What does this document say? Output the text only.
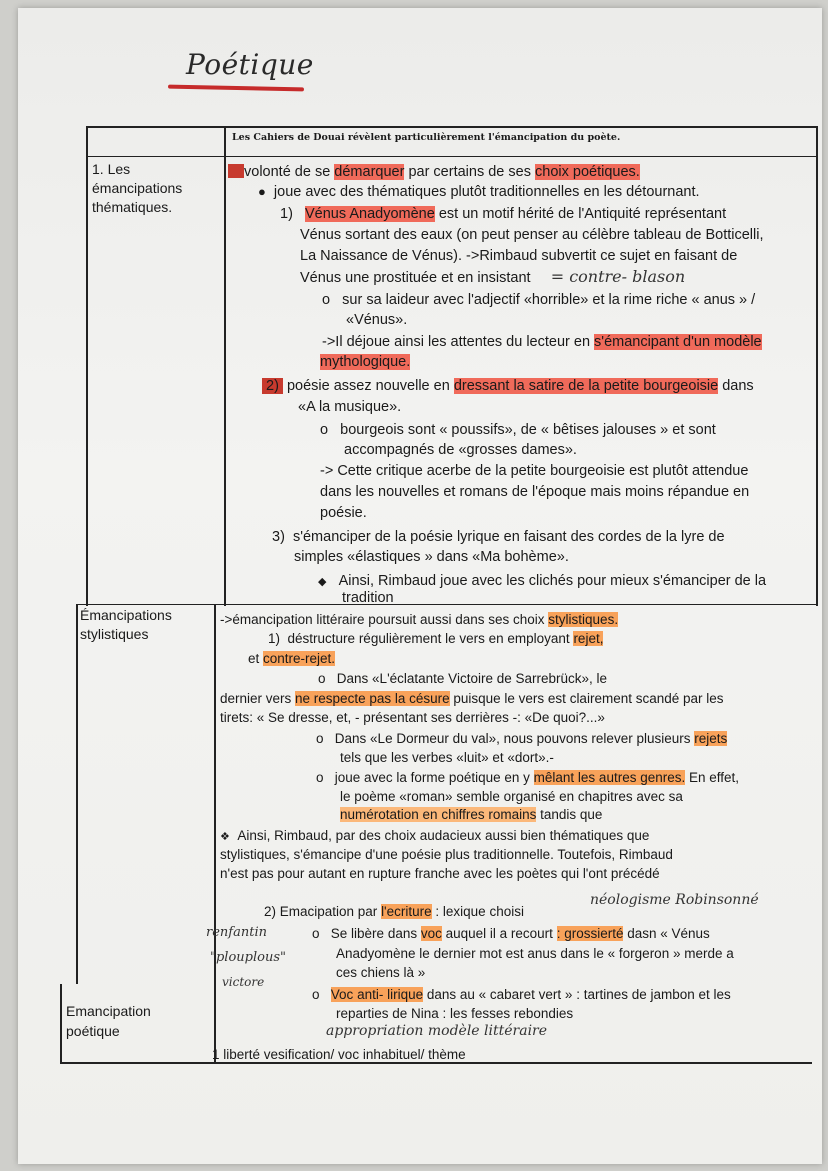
Poétique
Les Cahiers de Douai révèlent particulièrement l'émancipation du poète.
1. Les
émancipations
thématiques.
volonté de se démarquer par certains de ses choix poétiques.
● joue avec des thématiques plutôt traditionnelles en les détournant.
1) Vénus Anadyomène est un motif hérité de l'Antiquité représentant
Vénus sortant des eaux (on peut penser au célèbre tableau de Botticelli,
La Naissance de Vénus). ->Rimbaud subvertit ce sujet en faisant de
Vénus une prostituée et en insistant = contre- blason
o sur sa laideur avec l'adjectif «horrible» et la rime riche « anus » /
«Vénus».
->Il déjoue ainsi les attentes du lecteur en s'émancipant d'un modèle
mythologique.
2) poésie assez nouvelle en dressant la satire de la petite bourgeoisie dans
«A la musique».
o bourgeois sont « poussifs», de « bêtises jalouses » et sont
accompagnés de «grosses dames».
-> Cette critique acerbe de la petite bourgeoisie est plutôt attendue
dans les nouvelles et romans de l'époque mais moins répandue en
poésie.
3) s'émanciper de la poésie lyrique en faisant des cordes de la lyre de
simples «élastiques » dans «Ma bohème».
◆ Ainsi, Rimbaud joue avec les clichés pour mieux s'émanciper de la
tradition
Émancipations
stylistiques
->émancipation littéraire poursuit aussi dans ses choix stylistiques.
1) déstructure régulièrement le vers en employant rejet,
et contre-rejet.
o Dans «L'éclatante Victoire de Sarrebrück», le
dernier vers ne respecte pas la césure puisque le vers est clairement scandé par les
tirets: « Se dresse, et, - présentant ses derrières -: «De quoi?...»
o Dans «Le Dormeur du val», nous pouvons relever plusieurs rejets
tels que les verbes «luit» et «dort».-
o joue avec la forme poétique en y mêlant les autres genres. En effet,
le poème «roman» semble organisé en chapitres avec sa
numérotation en chiffres romains tandis que
❖ Ainsi, Rimbaud, par des choix audacieux aussi bien thématiques que
stylistiques, s'émancipe d'une poésie plus traditionnelle. Toutefois, Rimbaud
n'est pas pour autant en rupture franche avec les poètes qui l'ont précédé
néologisme Robinsonné
2) Emacipation par l'ecriture : lexique choisi
renfantin
"plouplous"
victore
o Se libère dans voc auquel il a recourt : grossierté dasn « Vénus
Anadyomène le dernier mot est anus dans le « forgeron » merde a
ces chiens là »
o Voc anti- lirique dans au « cabaret vert » : tartines de jambon et les
reparties de Nina : les fesses rebondies
appropriation modèle littéraire
Emancipation
poétique
1 liberté vesification/ voc inhabituel/ thème
